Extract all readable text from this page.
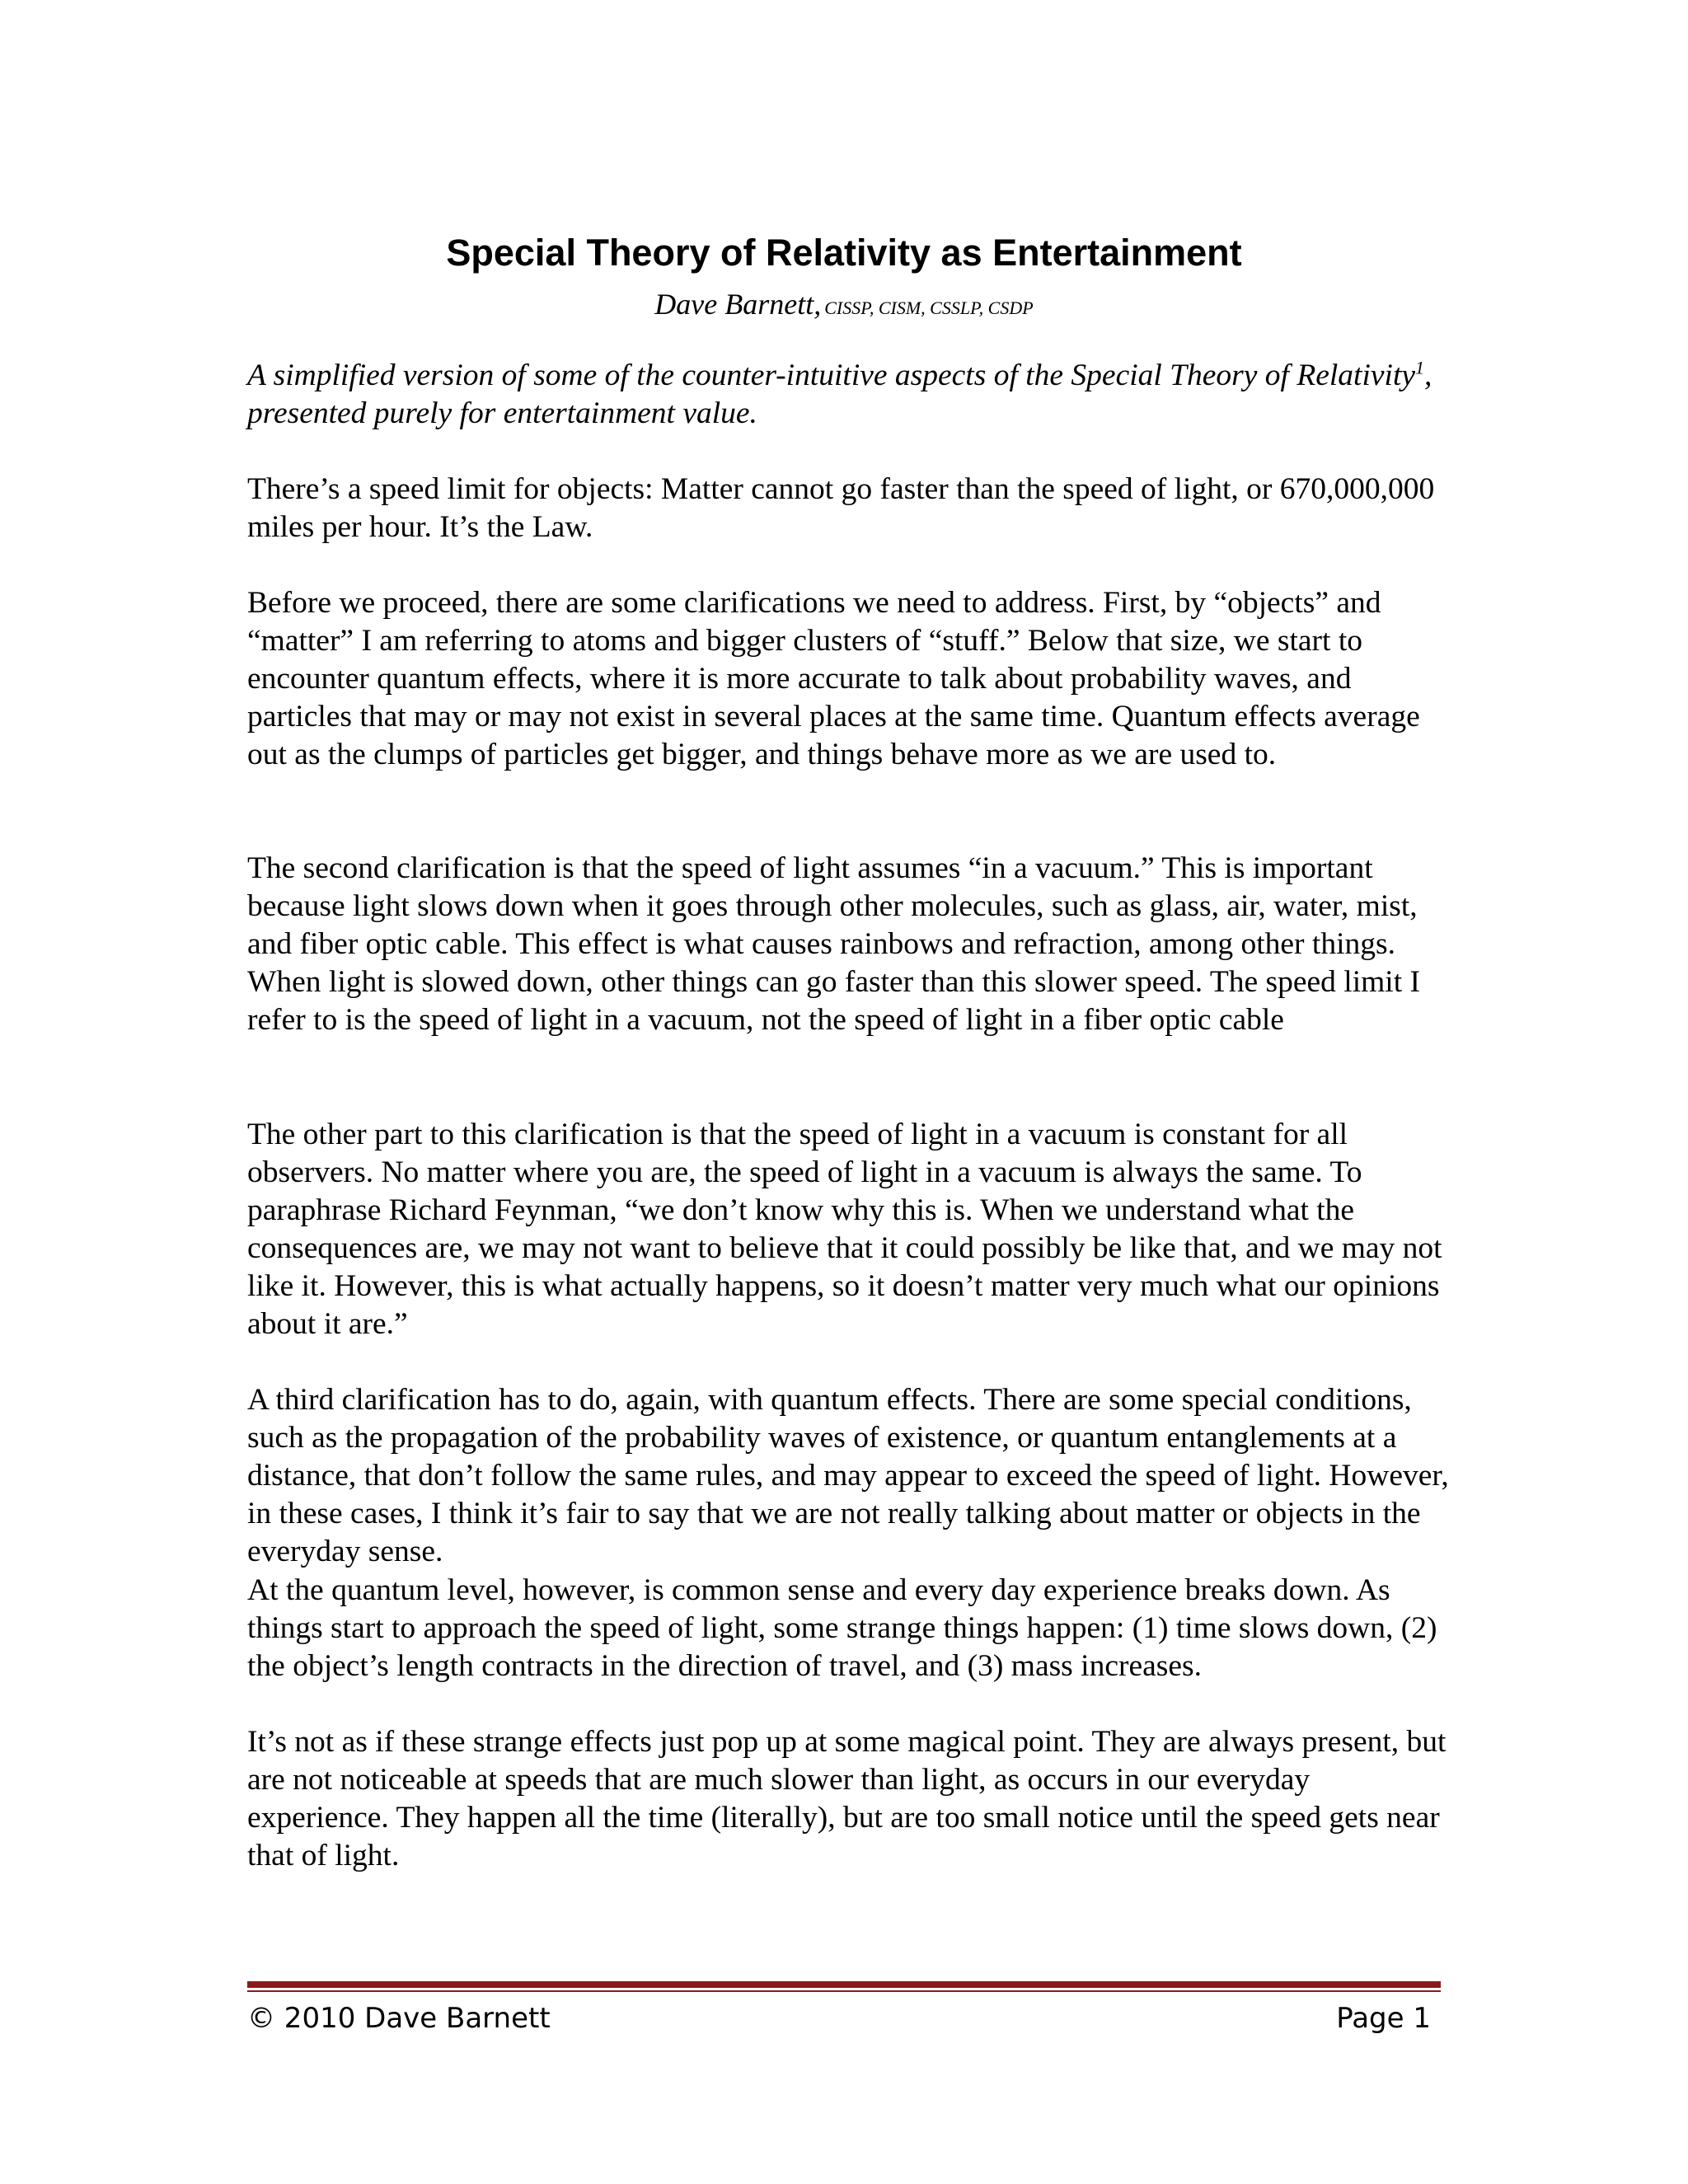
Special Theory of Relativity as Entertainment
Dave Barnett, CISSP, CISM, CSSLP, CSDP

A simplified version of some of the counter-intuitive aspects of the Special Theory of Relativity$^1$, presented purely for entertainment value.

There’s a speed limit for objects: Matter cannot go faster than the speed of light, or 670,000,000 miles per hour. It’s the Law.

Before we proceed, there are some clarifications we need to address. First, by “objects” and “matter” I am referring to atoms and bigger clusters of “stuff.” Below that size, we start to encounter quantum effects, where it is more accurate to talk about probability waves, and particles that may or may not exist in several places at the same time. Quantum effects average out as the clumps of particles get bigger, and things behave more as we are used to.

The second clarification is that the speed of light assumes “in a vacuum.” This is important because light slows down when it goes through other molecules, such as glass, air, water, mist, and fiber optic cable. This effect is what causes rainbows and refraction, among other things. When light is slowed down, other things can go faster than this slower speed. The speed limit I refer to is the speed of light in a vacuum, not the speed of light in a fiber optic cable

The other part to this clarification is that the speed of light in a vacuum is constant for all observers. No matter where you are, the speed of light in a vacuum is always the same. To paraphrase Richard Feynman, “we don’t know why this is. When we understand what the consequences are, we may not want to believe that it could possibly be like that, and we may not like it. However, this is what actually happens, so it doesn’t matter very much what our opinions about it are.”

A third clarification has to do, again, with quantum effects. There are some special conditions, such as the propagation of the probability waves of existence, or quantum entanglements at a distance, that don’t follow the same rules, and may appear to exceed the speed of light. However, in these cases, I think it’s fair to say that we are not really talking about matter or objects in the everyday sense.

At the quantum level, however, is common sense and every day experience breaks down. As things start to approach the speed of light, some strange things happen: (1) time slows down, (2) the object’s length contracts in the direction of travel, and (3) mass increases.

It’s not as if these strange effects just pop up at some magical point. They are always present, but are not noticeable at speeds that are much slower than light, as occurs in our everyday experience. They happen all the time (literally), but are too small notice until the speed gets near that of light.

© 2010 Dave Barnett	Page 1
